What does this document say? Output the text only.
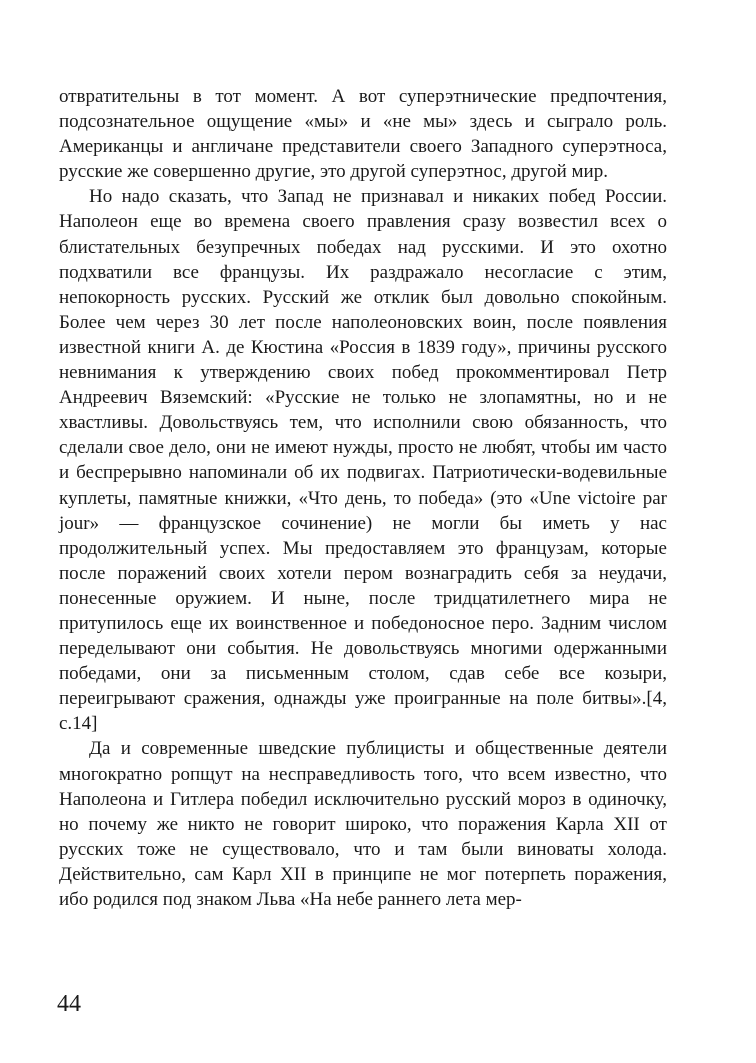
отвратительны в тот момент. А вот суперэтнические предпочтения, подсознательное ощущение «мы» и «не мы» здесь и сыграло роль. Американцы и англичане представители своего Западного суперэтноса, русские же совершенно другие, это другой суперэтнос, другой мир.

Но надо сказать, что Запад не признавал и никаких побед России. Наполеон еще во времена своего правления сразу возвестил всех о блистательных безупречных победах над русскими. И это охотно подхватили все французы. Их раздражало несогласие с этим, непокорность русских. Русский же отклик был довольно спокойным. Более чем через 30 лет после наполеоновских воин, после появления известной книги А. де Кюстина «Россия в 1839 году», причины русского невнимания к утверждению своих побед прокомментировал Петр Андреевич Вяземский: «Русские не только не злопамятны, но и не хвастливы. Довольствуясь тем, что исполнили свою обязанность, что сделали свое дело, они не имеют нужды, просто не любят, чтобы им часто и беспрерывно напоминали об их подвигах. Патриотически-водевильные куплеты, памятные книжки, «Что день, то победа» (это «Une victoire par jour» — французское сочинение) не могли бы иметь у нас продолжительный успех. Мы предоставляем это французам, которые после поражений своих хотели пером вознаградить себя за неудачи, понесенные оружием. И ныне, после тридцатилетнего мира не притупилось еще их воинственное и победоносное перо. Задним числом переделывают они события. Не довольствуясь многими одержанными победами, они за письменным столом, сдав себе все козыри, переигрывают сражения, однажды уже проигранные на поле битвы».[4, с.14]

Да и современные шведские публицисты и общественные деятели многократно ропщут на несправедливость того, что всем известно, что Наполеона и Гитлера победил исключительно русский мороз в одиночку, но почему же никто не говорит широко, что поражения Карла XII от русских тоже не существовало, что и там были виноваты холода. Действительно, сам Карл XII в принципе не мог потерпеть поражения, ибо родился под знаком Льва «На небе раннего лета мер-

44
